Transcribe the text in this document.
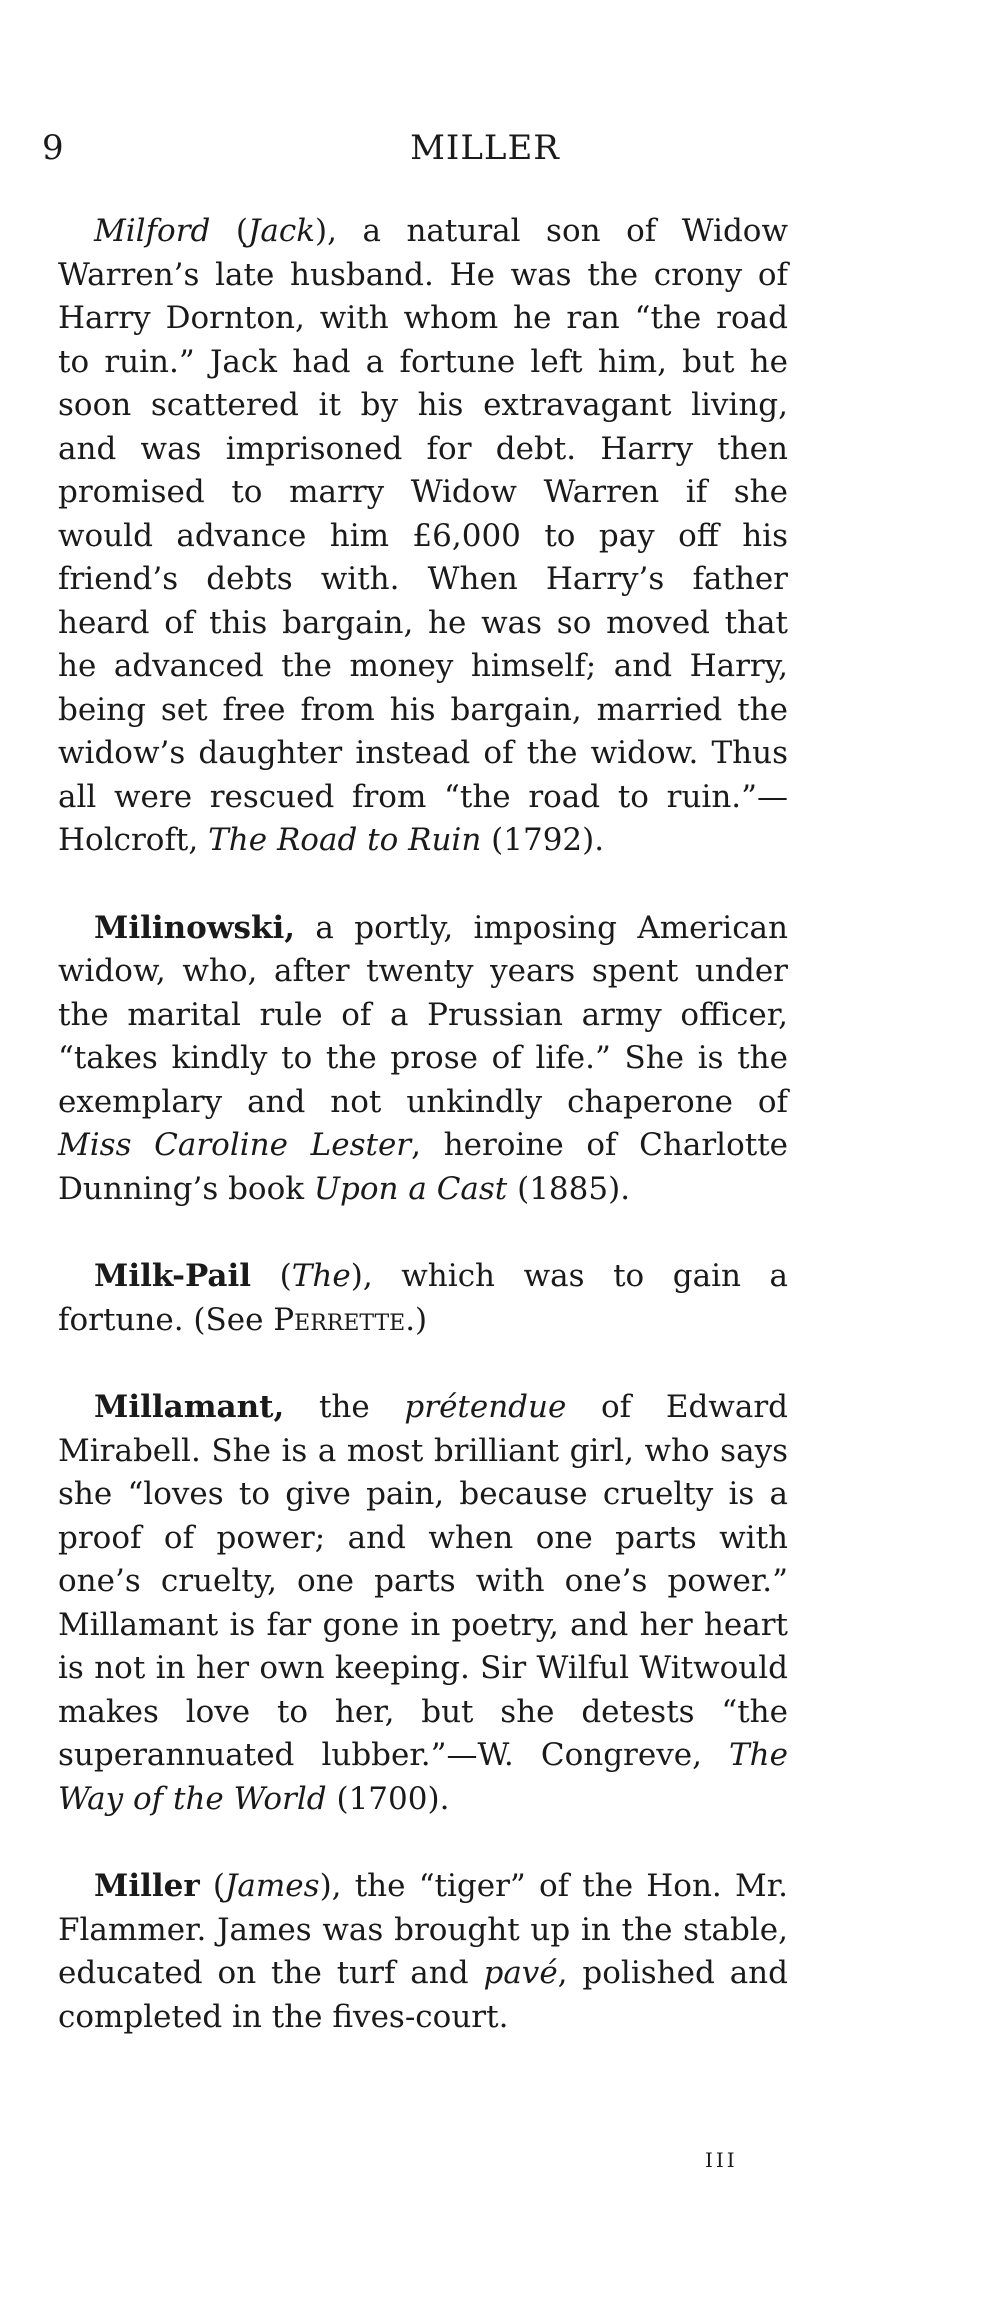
9	MILLER

Milford (Jack), a natural son of Widow Warren’s late husband. He was the crony of Harry Dornton, with whom he ran “the road to ruin.” Jack had a fortune left him, but he soon scattered it by his extravagant living, and was imprisoned for debt. Harry then promised to marry Widow Warren if she would advance him £6,000 to pay off his friend’s debts with. When Harry’s father heard of this bargain, he was so moved that he advanced the money himself; and Harry, being set free from his bargain, married the widow’s daughter instead of the widow. Thus all were rescued from “the road to ruin.”—Holcroft, The Road to Ruin (1792).

Milinowski, a portly, imposing American widow, who, after twenty years spent under the marital rule of a Prussian army officer, “takes kindly to the prose of life.” She is the exemplary and not unkindly chaperone of Miss Caroline Lester, heroine of Charlotte Dunning’s book Upon a Cast (1885).

Milk-Pail (The), which was to gain a fortune. (See Perrette.)

Millamant, the prétendue of Edward Mirabell. She is a most brilliant girl, who says she “loves to give pain, because cruelty is a proof of power; and when one parts with one’s cruelty, one parts with one’s power.” Millamant is far gone in poetry, and her heart is not in her own keeping. Sir Wilful Witwould makes love to her, but she detests “the superannuated lubber.”—W. Congreve, The Way of the World (1700).

Miller (James), the “tiger” of the Hon. Mr. Flammer. James was brought up in the stable, educated on the turf and pavé, polished and completed in the fives-court.

III
